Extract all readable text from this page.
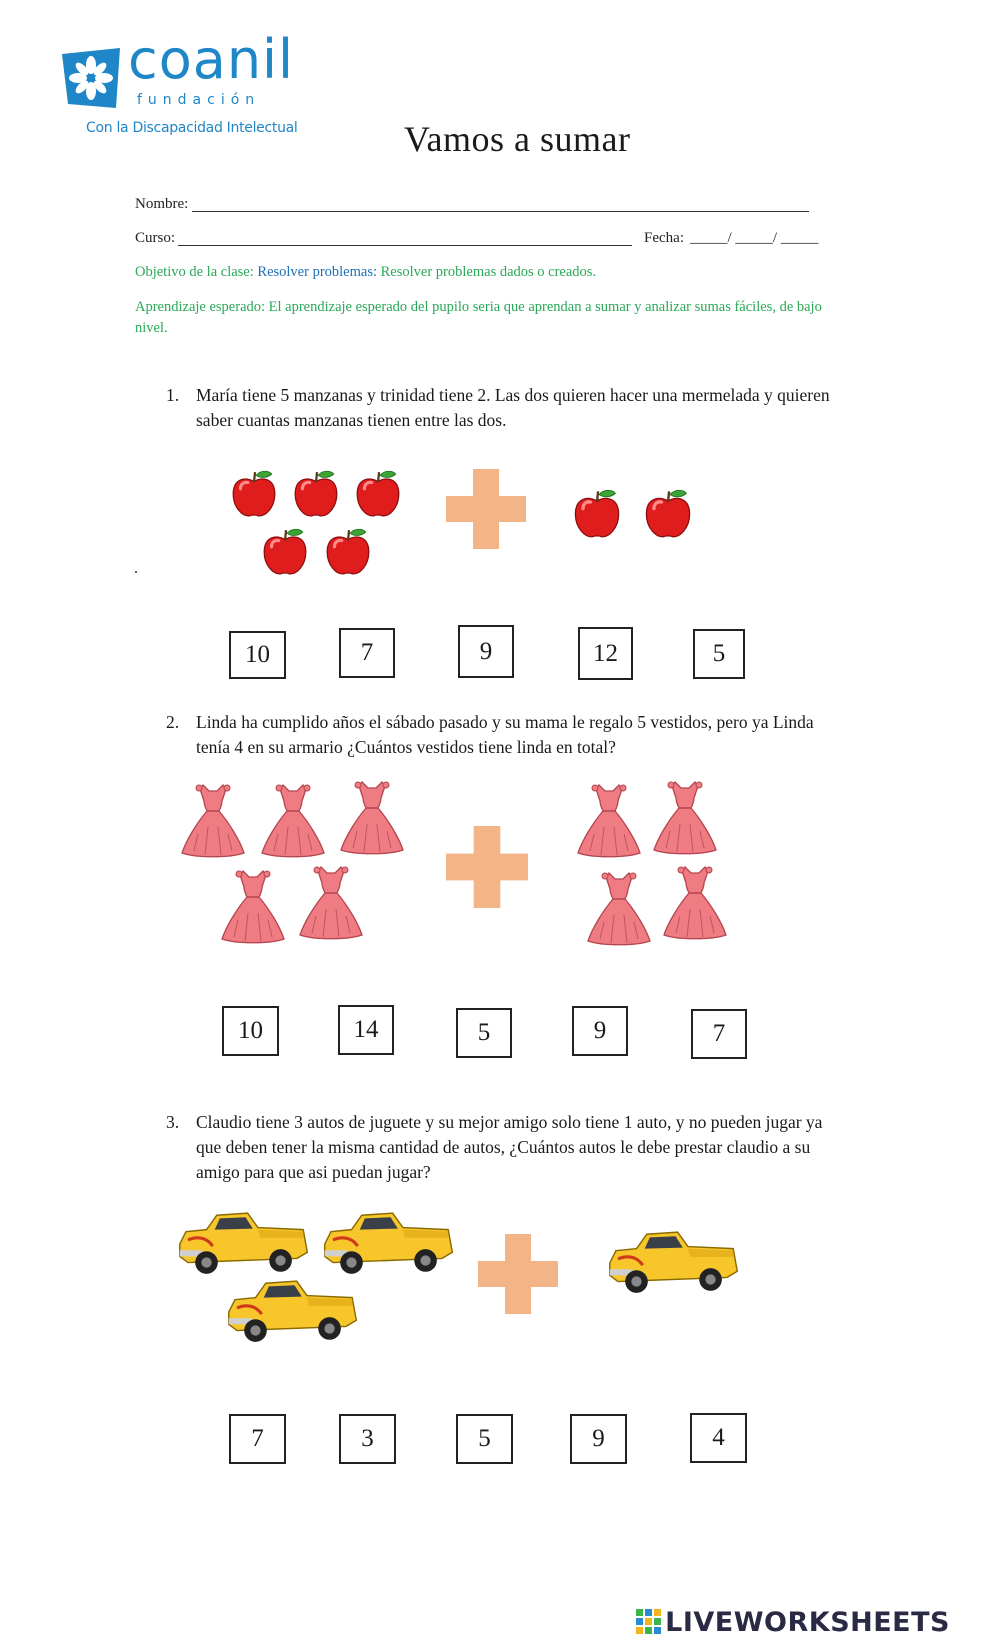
coanil
fundación
Con la Discapacidad Intelectual	Vamos a sumar
Nombre:
Curso:	Fecha: _____/ _____/ _____
Objetivo de la clase: Resolver problemas: Resolver problemas dados o creados.
Aprendizaje esperado: El aprendizaje esperado del pupilo seria que aprendan a sumar y analizar sumas fáciles, de bajo nivel.
1. María tiene 5 manzanas y trinidad tiene 2. Las dos quieren hacer una mermelada y quieren saber cuantas manzanas tienen entre las dos.
.
10	7	9	12	5
2. Linda ha cumplido años el sábado pasado y su mama le regalo 5 vestidos, pero ya Linda tenía 4 en su armario ¿Cuántos vestidos tiene linda en total?
10	14	5	9	7
3. Claudio tiene 3 autos de juguete y su mejor amigo solo tiene 1 auto, y no pueden jugar ya que deben tener la misma cantidad de autos, ¿Cuántos autos le debe prestar claudio a su amigo para que asi puedan jugar?
7	3	5	9	4
LIVEWORKSHEETS
